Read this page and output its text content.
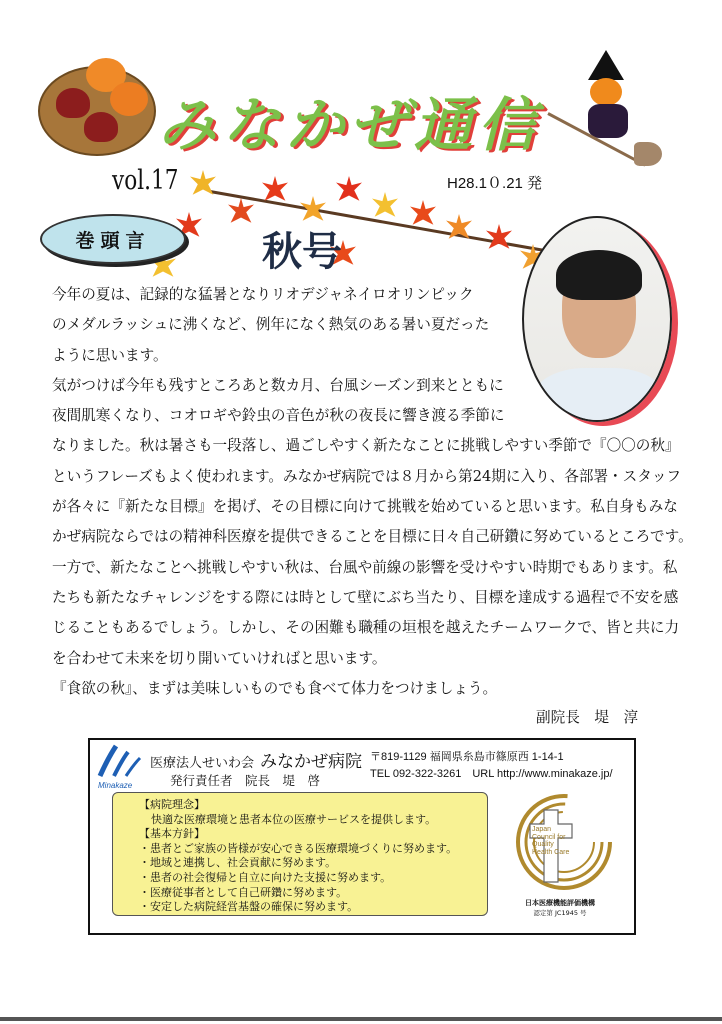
みなかぜ通信
vol.17	H28.1０.21 発
巻頭言	秋号
今年の夏は、記録的な猛暑となりリオデジャネイロオリンピック
のメダルラッシュに沸くなど、例年になく熱気のある暑い夏だった
ように思います。
気がつけば今年も残すところあと数カ月、台風シーズン到来とともに
夜間肌寒くなり、コオロギや鈴虫の音色が秋の夜長に響き渡る季節に
なりました。秋は暑さも一段落し、過ごしやすく新たなことに挑戦しやすい季節で『〇〇の秋』
というフレーズもよく使われます。みなかぜ病院では８月から第24期に入り、各部署・スタッフ
が各々に『新たな目標』を掲げ、その目標に向けて挑戦を始めていると思います。私自身もみな
かぜ病院ならではの精神科医療を提供できることを目標に日々自己研鑽に努めているところです。
一方で、新たなことへ挑戦しやすい秋は、台風や前線の影響を受けやすい時期でもあります。私
たちも新たなチャレンジをする際には時として壁にぶち当たり、目標を達成する過程で不安を感
じることもあるでしょう。しかし、その困難も職種の垣根を越えたチームワークで、皆と共に力
を合わせて未来を切り開いていければと思います。
『食欲の秋』、まずは美味しいものでも食べて体力をつけましょう。
副院長　堤　淳
Minakaze
医療法人せいわ会 みなかぜ病院
発行責任者　院長　堤　啓
〒819-1129 福岡県糸島市篠原西 1-14-1
TEL 092-322-3261　URL http://www.minakaze.jp/
【病院理念】
快適な医療環境と患者本位の医療サービスを提供します。
【基本方針】
・患者とご家族の皆様が安心できる医療環境づくりに努めます。
・地域と連携し、社会貢献に努めます。
・患者の社会復帰と自立に向けた支援に努めます。
・医療従事者として自己研鑽に努めます。
・安定した病院経営基盤の確保に努めます。
Japan Council for Quality Health Care
日本医療機能評価機構
認定第 JC1945 号
